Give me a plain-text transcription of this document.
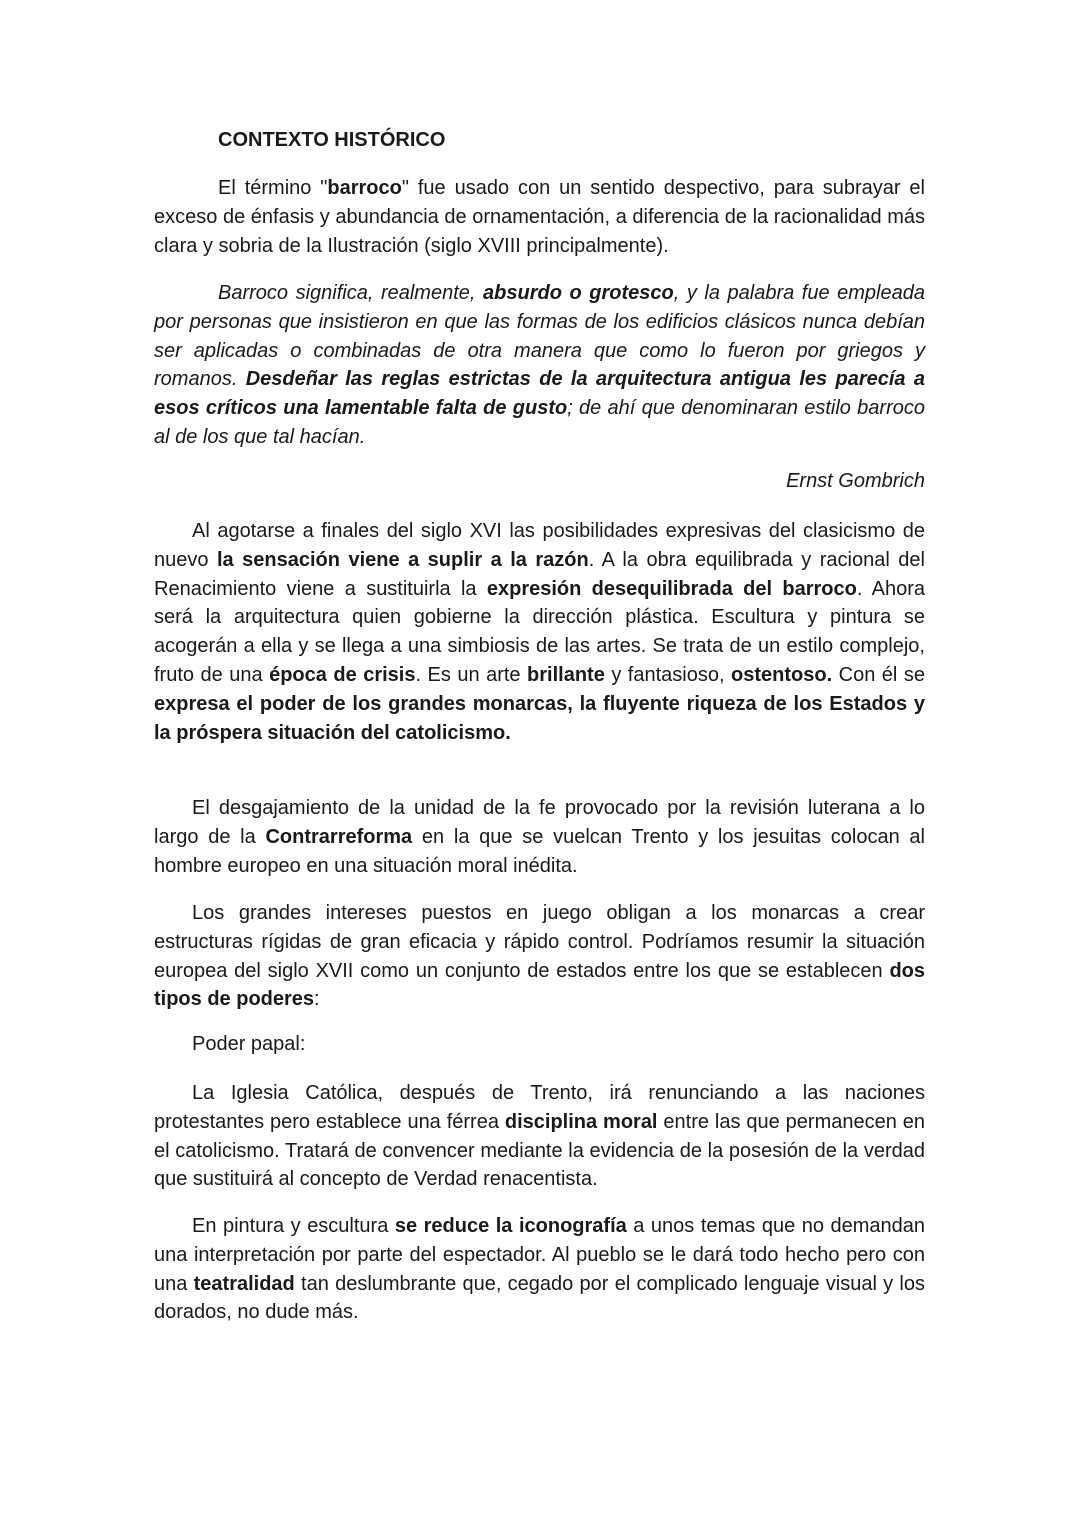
CONTEXTO HISTÓRICO

El término "barroco" fue usado con un sentido despectivo, para subrayar el exceso de énfasis y abundancia de ornamentación, a diferencia de la racionalidad más clara y sobria de la Ilustración (siglo XVIII principalmente).

Barroco significa, realmente, absurdo o grotesco, y la palabra fue empleada por personas que insistieron en que las formas de los edificios clásicos nunca debían ser aplicadas o combinadas de otra manera que como lo fueron por griegos y romanos. Desdeñar las reglas estrictas de la arquitectura antigua les parecía a esos críticos una lamentable falta de gusto; de ahí que denominaran estilo barroco al de los que tal hacían.

Ernst Gombrich

Al agotarse a finales del siglo XVI las posibilidades expresivas del clasicismo de nuevo la sensación viene a suplir a la razón. A la obra equilibrada y racional del Renacimiento viene a sustituirla la expresión desequilibrada del barroco. Ahora será la arquitectura quien gobierne la dirección plástica. Escultura y pintura se acogerán a ella y se llega a una simbiosis de las artes. Se trata de un estilo complejo, fruto de una época de crisis. Es un arte brillante y fantasioso, ostentoso. Con él se expresa el poder de los grandes monarcas, la fluyente riqueza de los Estados y la próspera situación del catolicismo.

El desgajamiento de la unidad de la fe provocado por la revisión luterana a lo largo de la Contrarreforma en la que se vuelcan Trento y los jesuitas colocan al hombre europeo en una situación moral inédita.

Los grandes intereses puestos en juego obligan a los monarcas a crear estructuras rígidas de gran eficacia y rápido control. Podríamos resumir la situación europea del siglo XVII como un conjunto de estados entre los que se establecen dos tipos de poderes:

Poder papal:

La Iglesia Católica, después de Trento, irá renunciando a las naciones protestantes pero establece una férrea disciplina moral entre las que permanecen en el catolicismo. Tratará de convencer mediante la evidencia de la posesión de la verdad que sustituirá al concepto de Verdad renacentista.

En pintura y escultura se reduce la iconografía a unos temas que no demandan una interpretación por parte del espectador. Al pueblo se le dará todo hecho pero con una teatralidad tan deslumbrante que, cegado por el complicado lenguaje visual y los dorados, no dude más.
